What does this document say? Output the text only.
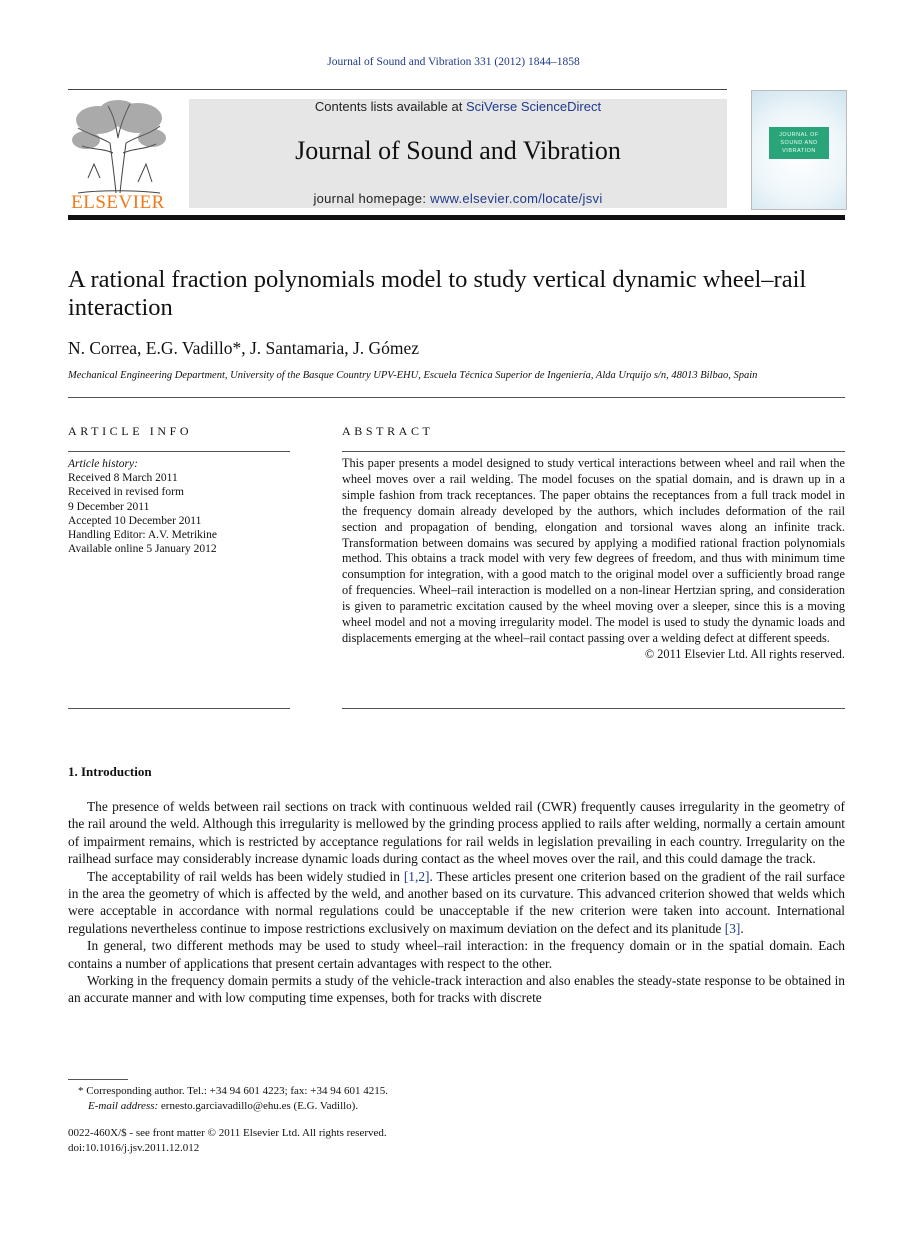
Journal of Sound and Vibration 331 (2012) 1844–1858
ELSEVIER
Contents lists available at SciVerse ScienceDirect
Journal of Sound and Vibration
journal homepage: www.elsevier.com/locate/jsvi
JOURNAL OF SOUND AND VIBRATION
A rational fraction polynomials model to study vertical dynamic wheel–rail interaction
N. Correa, E.G. Vadillo*, J. Santamaria, J. Gómez
Mechanical Engineering Department, University of the Basque Country UPV-EHU, Escuela Técnica Superior de Ingeniería, Alda Urquijo s/n, 48013 Bilbao, Spain
ARTICLE INFO
Article history:
Received 8 March 2011
Received in revised form
9 December 2011
Accepted 10 December 2011
Handling Editor: A.V. Metrikine
Available online 5 January 2012
ABSTRACT
This paper presents a model designed to study vertical interactions between wheel and rail when the wheel moves over a rail welding. The model focuses on the spatial domain, and is drawn up in a simple fashion from track receptances. The paper obtains the receptances from a full track model in the frequency domain already developed by the authors, which includes deformation of the rail section and propagation of bending, elongation and torsional waves along an infinite track. Transformation between domains was secured by applying a modified rational fraction polynomials method. This obtains a track model with very few degrees of freedom, and thus with minimum time consumption for integration, with a good match to the original model over a sufficiently broad range of frequencies. Wheel–rail interaction is modelled on a non-linear Hertzian spring, and consideration is given to parametric excitation caused by the wheel moving over a sleeper, since this is a moving wheel model and not a moving irregularity model. The model is used to study the dynamic loads and displacements emerging at the wheel–rail contact passing over a welding defect at different speeds.
© 2011 Elsevier Ltd. All rights reserved.
1. Introduction

The presence of welds between rail sections on track with continuous welded rail (CWR) frequently causes irregularity in the geometry of the rail around the weld. Although this irregularity is mellowed by the grinding process applied to rails after welding, normally a certain amount of impairment remains, which is restricted by acceptance regulations for rail welds in legislation prevailing in each country. Irregularity on the railhead surface may considerably increase dynamic loads during contact as the wheel moves over the rail, and this could damage the track.

The acceptability of rail welds has been widely studied in [1,2]. These articles present one criterion based on the gradient of the rail surface in the area the geometry of which is affected by the weld, and another based on its curvature. This advanced criterion showed that welds which were acceptable in accordance with normal regulations could be unacceptable if the new criterion were taken into account. International regulations nevertheless continue to impose restrictions exclusively on maximum deviation on the defect and its planitude [3].

In general, two different methods may be used to study wheel–rail interaction: in the frequency domain or in the spatial domain. Each contains a number of applications that present certain advantages with respect to the other.

Working in the frequency domain permits a study of the vehicle-track interaction and also enables the steady-state response to be obtained in an accurate manner and with low computing time expenses, both for tracks with discrete

* Corresponding author. Tel.: +34 94 601 4223; fax: +34 94 601 4215.
E-mail address: ernesto.garciavadillo@ehu.es (E.G. Vadillo).
0022-460X/$ - see front matter © 2011 Elsevier Ltd. All rights reserved.
doi:10.1016/j.jsv.2011.12.012
